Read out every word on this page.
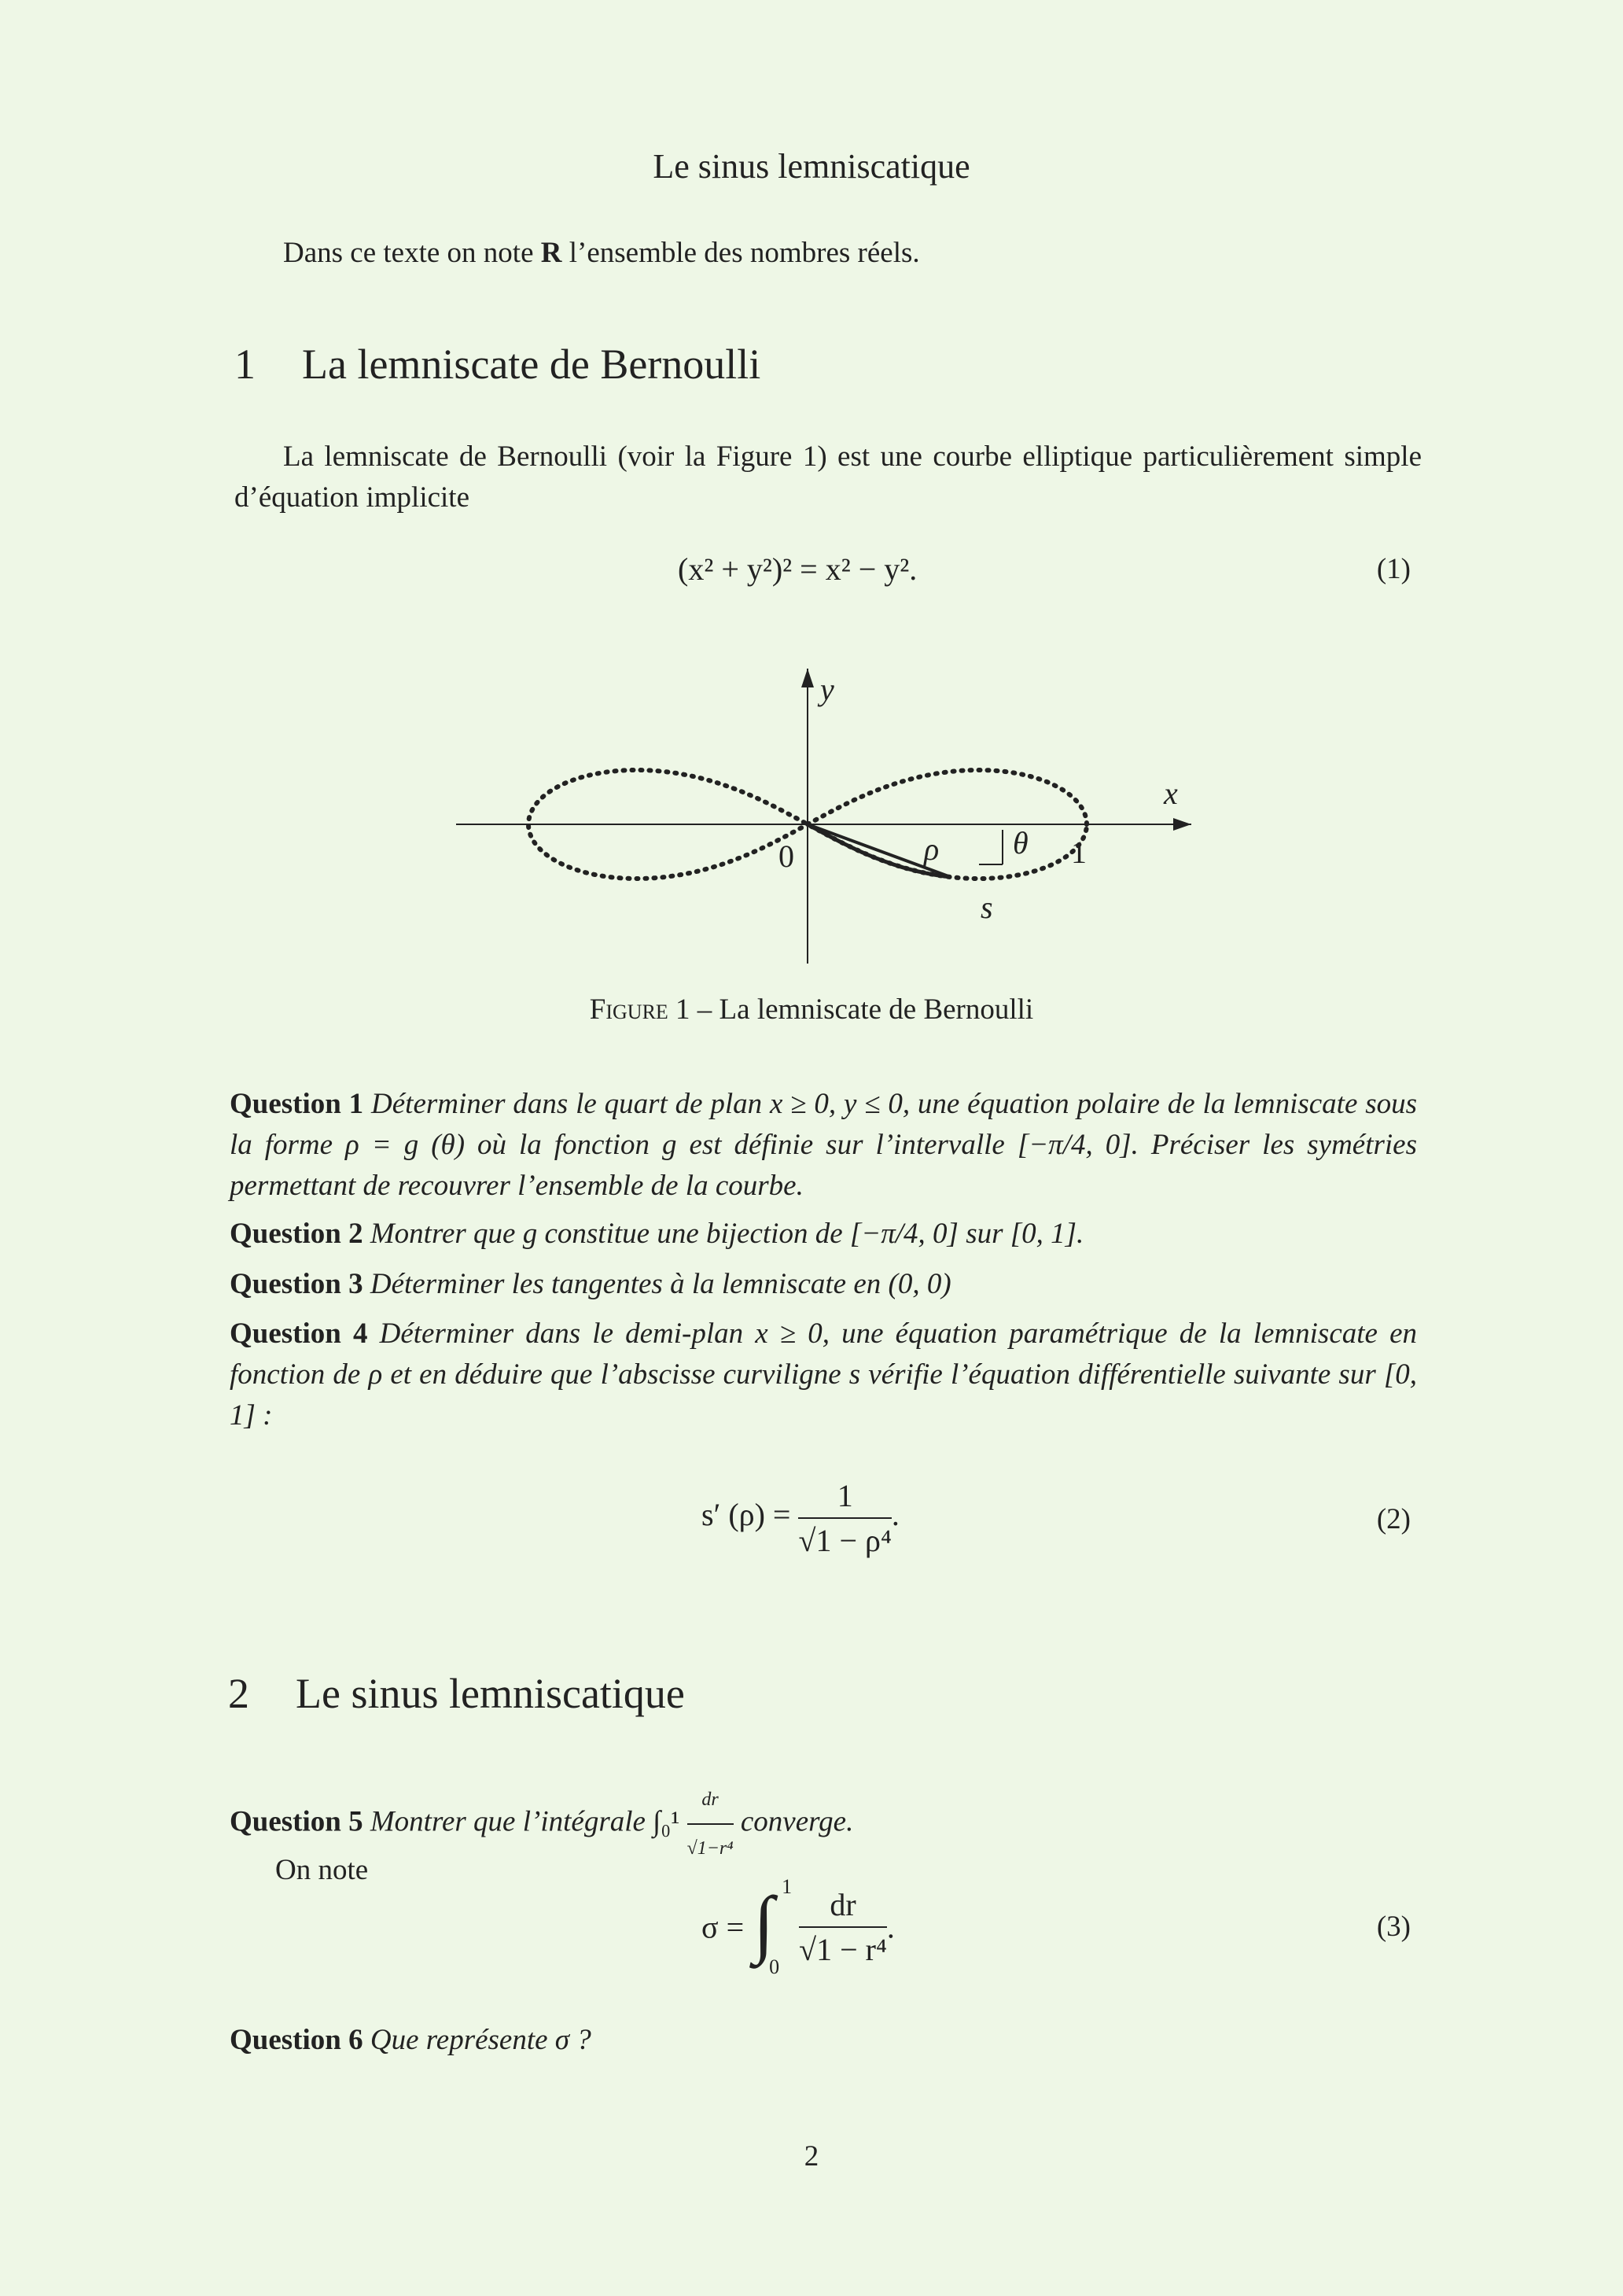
Le sinus lemniscatique
Dans ce texte on note R l’ensemble des nombres réels.
1 La lemniscate de Bernoulli
La lemniscate de Bernoulli (voir la Figure 1) est une courbe elliptique particulièrement simple d’équation implicite
(x² + y²)² = x² − y².	(1)
y
x
0	1
ρ θ
s
Figure 1 – La lemniscate de Bernoulli
Question 1 Déterminer dans le quart de plan x ≥ 0, y ≤ 0, une équation polaire de la lemniscate sous la forme ρ = g (θ) où la fonction g est définie sur l’intervalle [−π/4, 0]. Préciser les symétries permettant de recouvrer l’ensemble de la courbe.
Question 2 Montrer que g constitue une bijection de [−π/4, 0] sur [0, 1].
Question 3 Déterminer les tangentes à la lemniscate en (0, 0)
Question 4 Déterminer dans le demi-plan x ≥ 0, une équation paramétrique de la lemniscate en fonction de ρ et en déduire que l’abscisse curviligne s vérifie l’équation différentielle suivante sur [0, 1] :
s′ $(\rho) = \frac{1}{\text{√1 − ρ⁴}}$ .	(2)
2 Le sinus lemniscatique
Question 5 Montrer que l’intégrale $\int_0^1 \frac{dr}{\text{√1−r⁴}}$ converge.
On note
σ = ∫ 1
0
$\frac{dr}{\text{√1 − r⁴}}$ .	(3)
Question 6 Que représente σ ?
2
